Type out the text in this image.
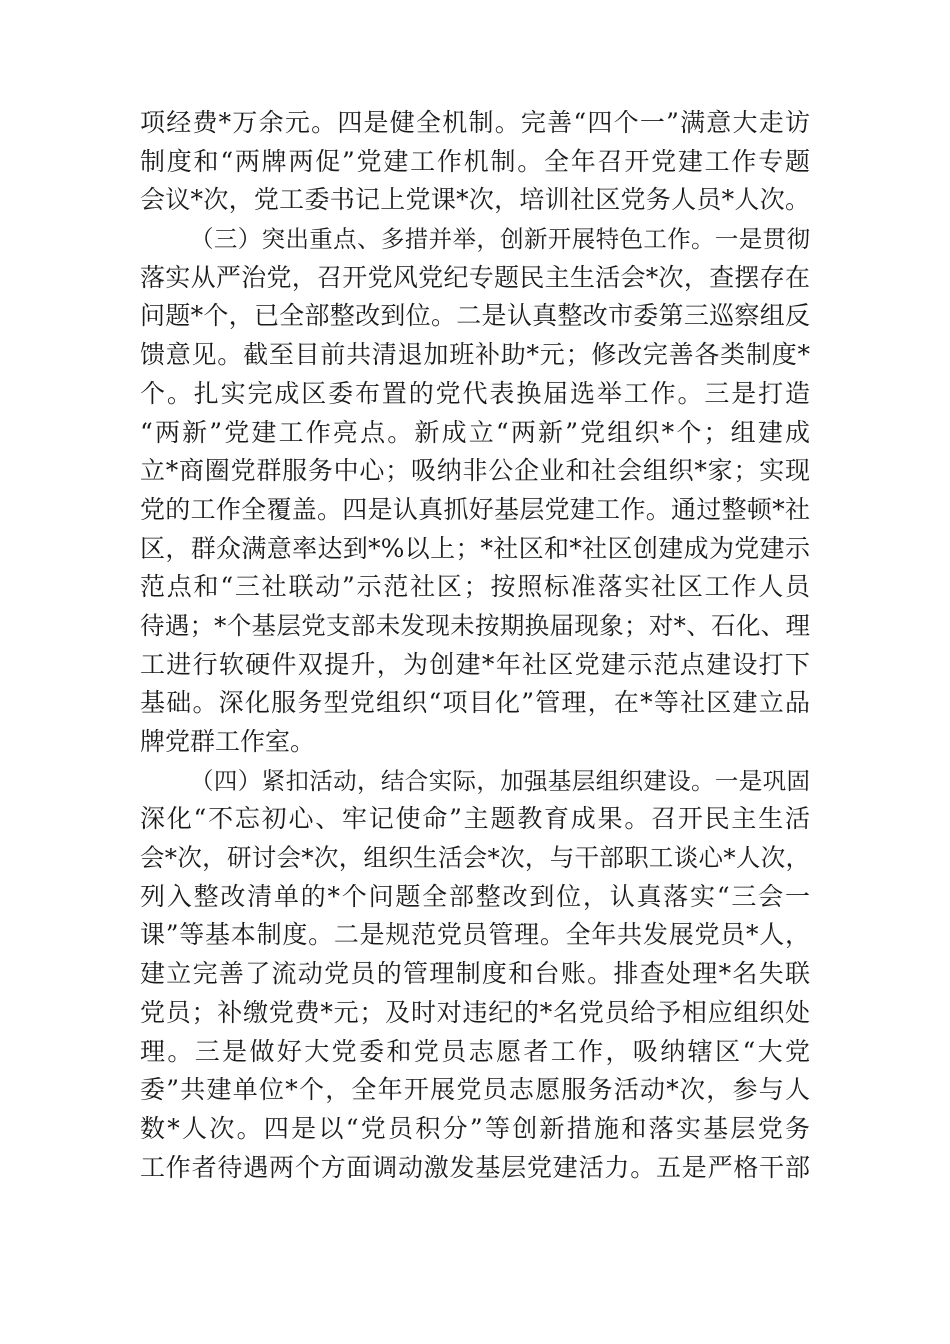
项经费*万余元。四是健全机制。完善“四个一”满意大走访
制度和“两牌两促”党建工作机制。全年召开党建工作专题
会议*次，党工委书记上党课*次，培训社区党务人员*人次。
（三）突出重点、多措并举，创新开展特色工作。一是贯彻
落实从严治党，召开党风党纪专题民主生活会*次，查摆存在
问题*个，已全部整改到位。二是认真整改市委第三巡察组反
馈意见。截至目前共清退加班补助*元；修改完善各类制度*
个。扎实完成区委布置的党代表换届选举工作。三是打造
“两新”党建工作亮点。新成立“两新”党组织*个；组建成
立*商圈党群服务中心；吸纳非公企业和社会组织*家；实现
党的工作全覆盖。四是认真抓好基层党建工作。通过整顿*社
区，群众满意率达到*%以上；*社区和*社区创建成为党建示
范点和“三社联动”示范社区；按照标准落实社区工作人员
待遇；*个基层党支部未发现未按期换届现象；对*、石化、理
工进行软硬件双提升，为创建*年社区党建示范点建设打下
基础。深化服务型党组织“项目化”管理，在*等社区建立品
牌党群工作室。
（四）紧扣活动，结合实际，加强基层组织建设。一是巩固
深化“不忘初心、牢记使命”主题教育成果。召开民主生活
会*次，研讨会*次，组织生活会*次，与干部职工谈心*人次，
列入整改清单的*个问题全部整改到位，认真落实“三会一
课”等基本制度。二是规范党员管理。全年共发展党员*人，
建立完善了流动党员的管理制度和台账。排查处理*名失联
党员；补缴党费*元；及时对违纪的*名党员给予相应组织处
理。三是做好大党委和党员志愿者工作，吸纳辖区“大党
委”共建单位*个，全年开展党员志愿服务活动*次，参与人
数*人次。四是以“党员积分”等创新措施和落实基层党务
工作者待遇两个方面调动激发基层党建活力。五是严格干部
